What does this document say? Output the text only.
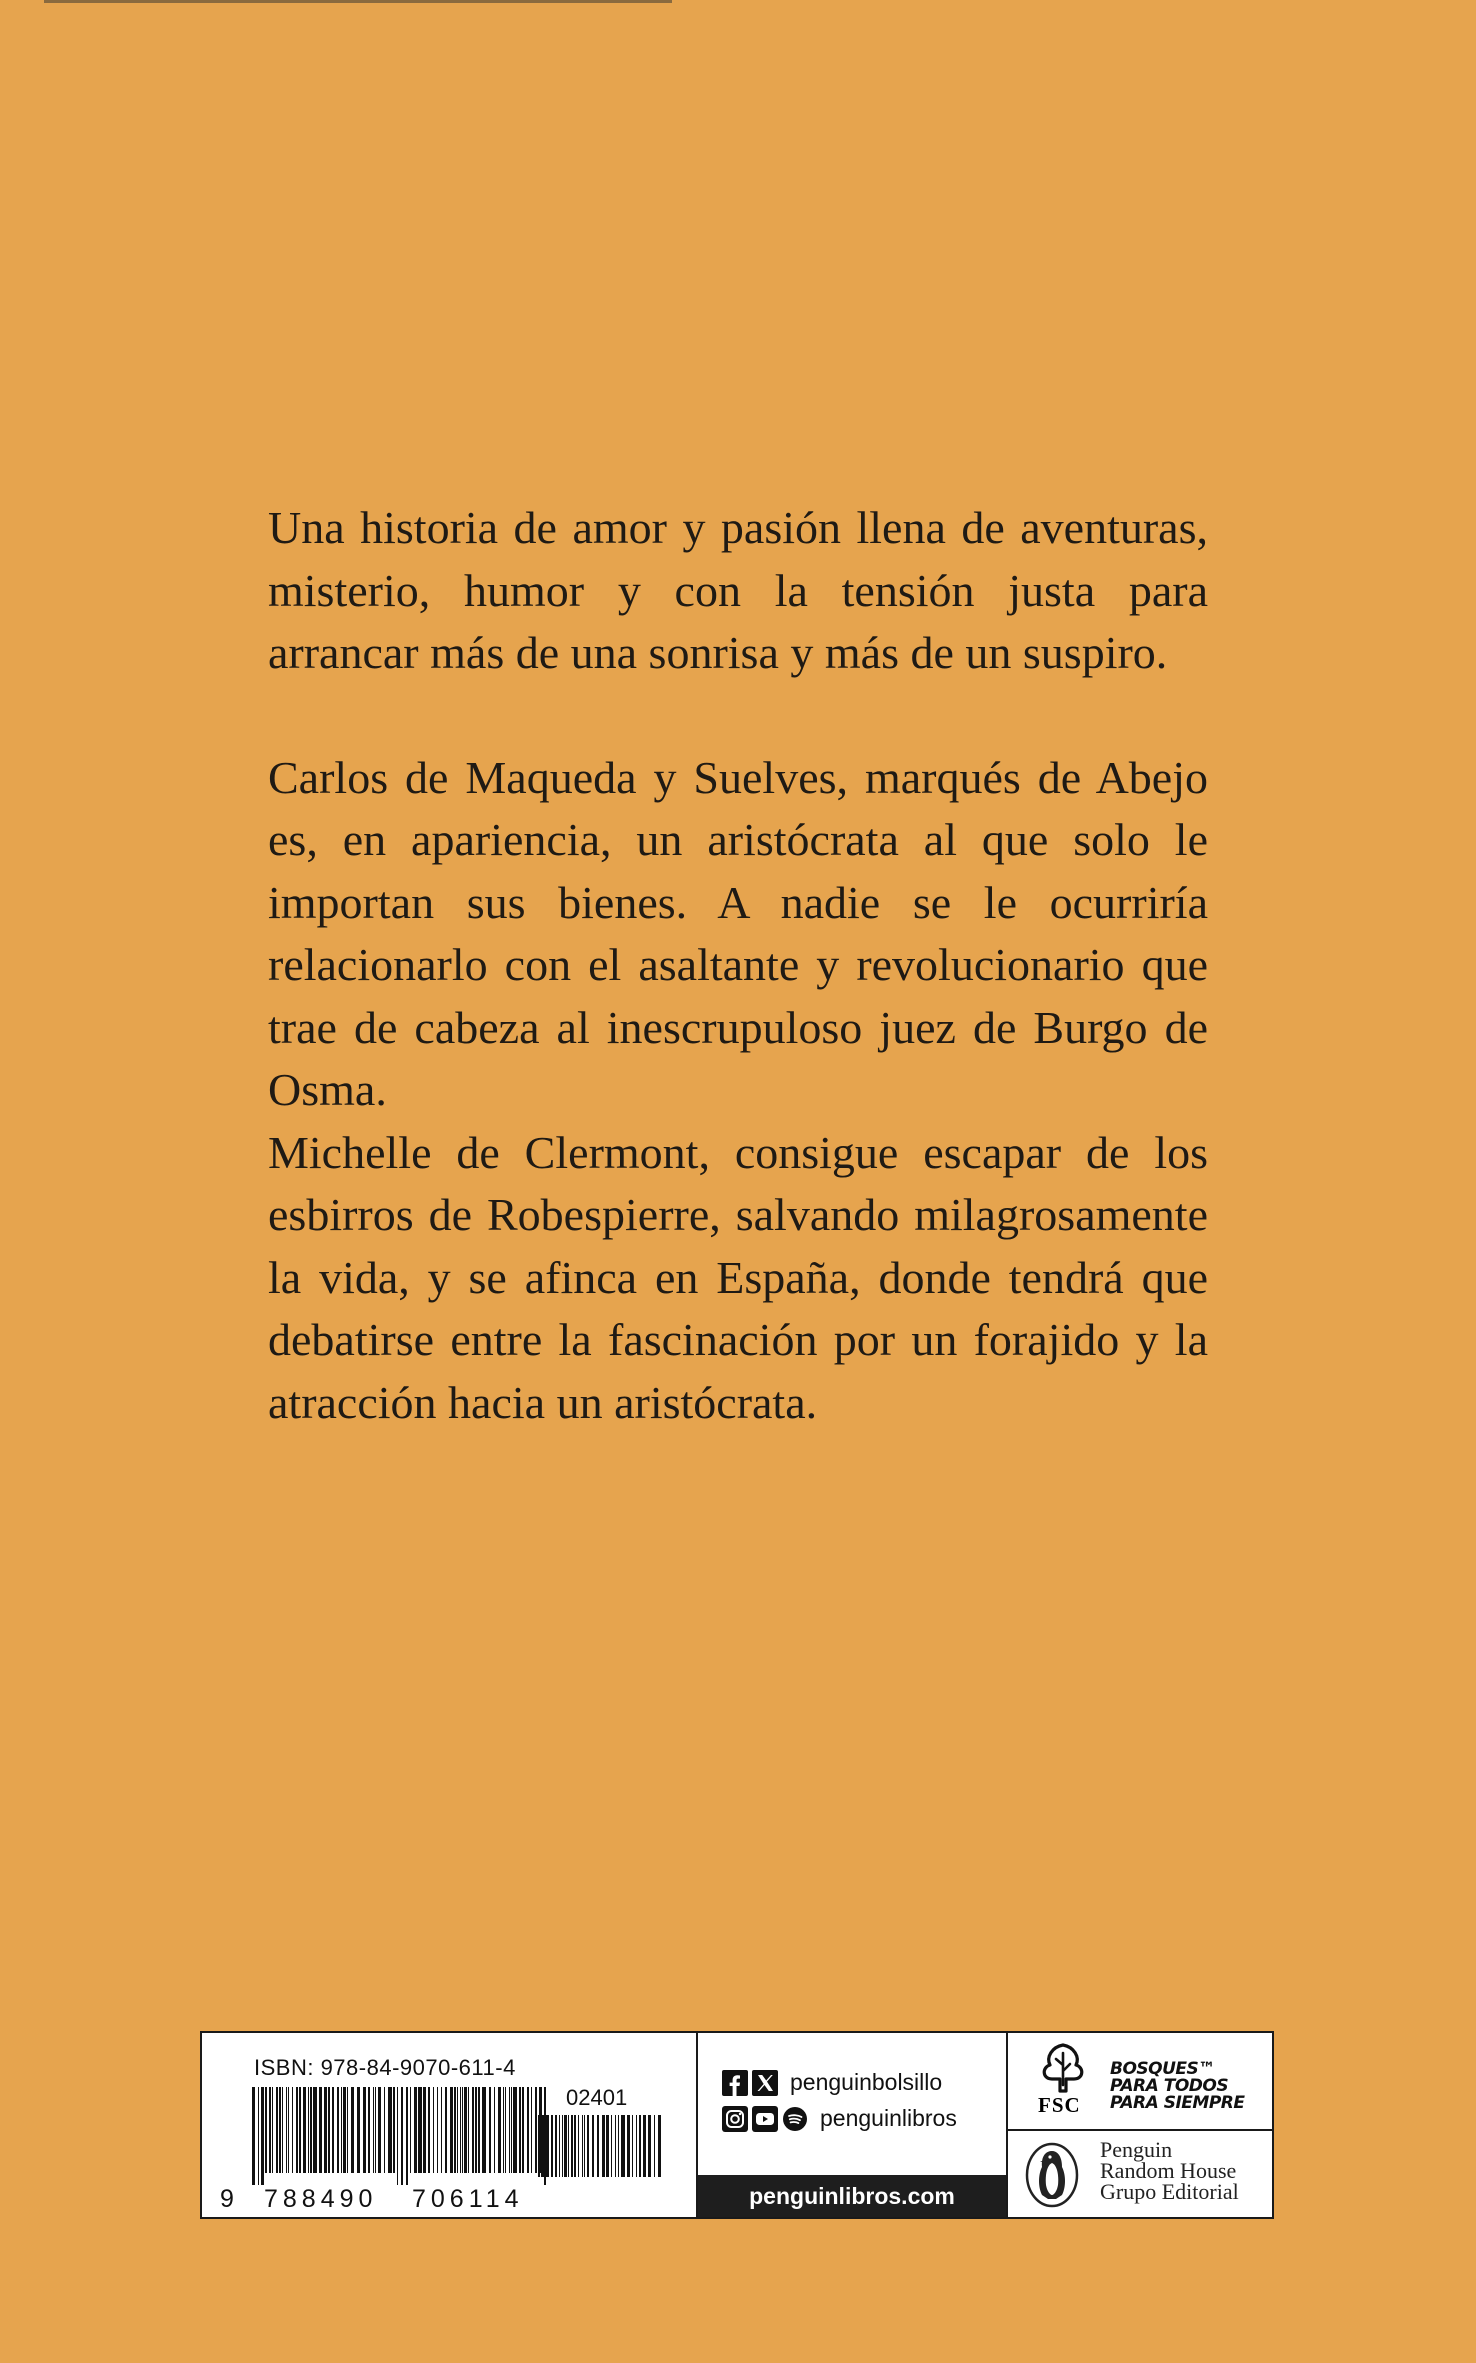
Una historia de amor y pasión llena de aventuras, misterio, humor y con la tensión justa para arrancar más de una sonrisa y más de un suspiro.

Carlos de Maqueda y Suelves, marqués de Abejo es, en apariencia, un aristócrata al que solo le importan sus bienes. A nadie se le ocurriría relacionarlo con el asaltante y revolucionario que trae de cabeza al inescrupuloso juez de Burgo de Osma.

Michelle de Clermont, consigue escapar de los esbirros de Robespierre, salvando milagrosamente la vida, y se afinca en España, donde tendrá que debatirse entre la fascinación por un forajido y la atracción hacia un aristócrata.

ISBN: 978-84-9070-611-4
02401
9 788490 706114
penguinbolsillo
penguinlibros
penguinlibros.com
FSC
BOSQUES™
PARA TODOS
PARA SIEMPRE
Penguin
Random House
Grupo Editorial
